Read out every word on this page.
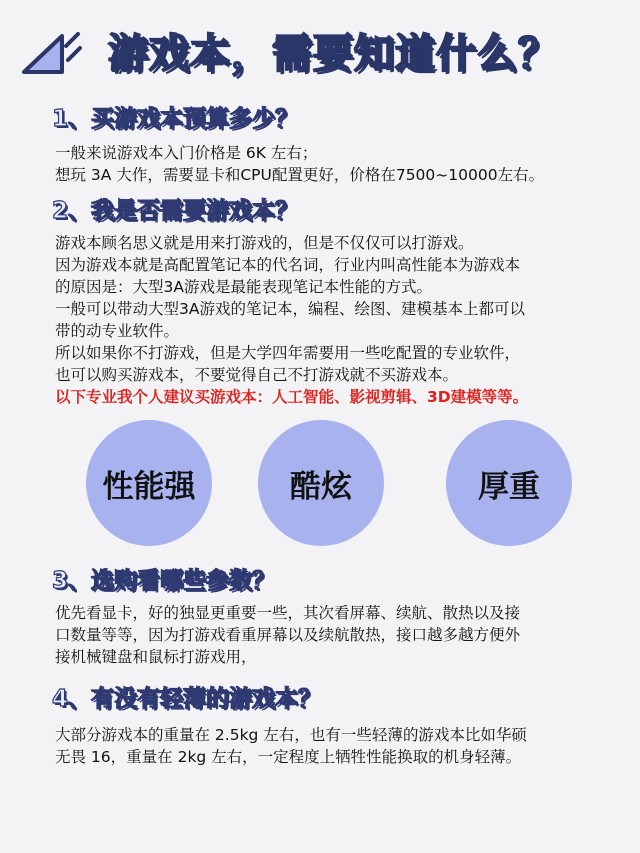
游戏本，需要知道什么？
1、买游戏本预算多少？

一般来说游戏本入门价格是 6K 左右；

想玩 3A 大作，需要显卡和CPU配置更好，价格在7500~10000左右。

2、我是否需要游戏本？

游戏本顾名思义就是用来打游戏的，但是不仅仅可以打游戏。

因为游戏本就是高配置笔记本的代名词，行业内叫高性能本为游戏本

的原因是：大型3A游戏是最能表现笔记本性能的方式。

一般可以带动大型3A游戏的笔记本，编程、绘图、建模基本上都可以

带的动专业软件。

所以如果你不打游戏，但是大学四年需要用一些吃配置的专业软件，

也可以购买游戏本，不要觉得自己不打游戏就不买游戏本。

以下专业我个人建议买游戏本：人工智能、影视剪辑、3D建模等等。

性能强	酷炫	厚重
3、选购看哪些参数？

优先看显卡，好的独显更重要一些，其次看屏幕、续航、散热以及接

口数量等等，因为打游戏看重屏幕以及续航散热，接口越多越方便外

接机械键盘和鼠标打游戏用，

4、有没有轻薄的游戏本？

大部分游戏本的重量在 2.5kg 左右，也有一些轻薄的游戏本比如华硕

无畏 16，重量在 2kg 左右，一定程度上牺牲性能换取的机身轻薄。
